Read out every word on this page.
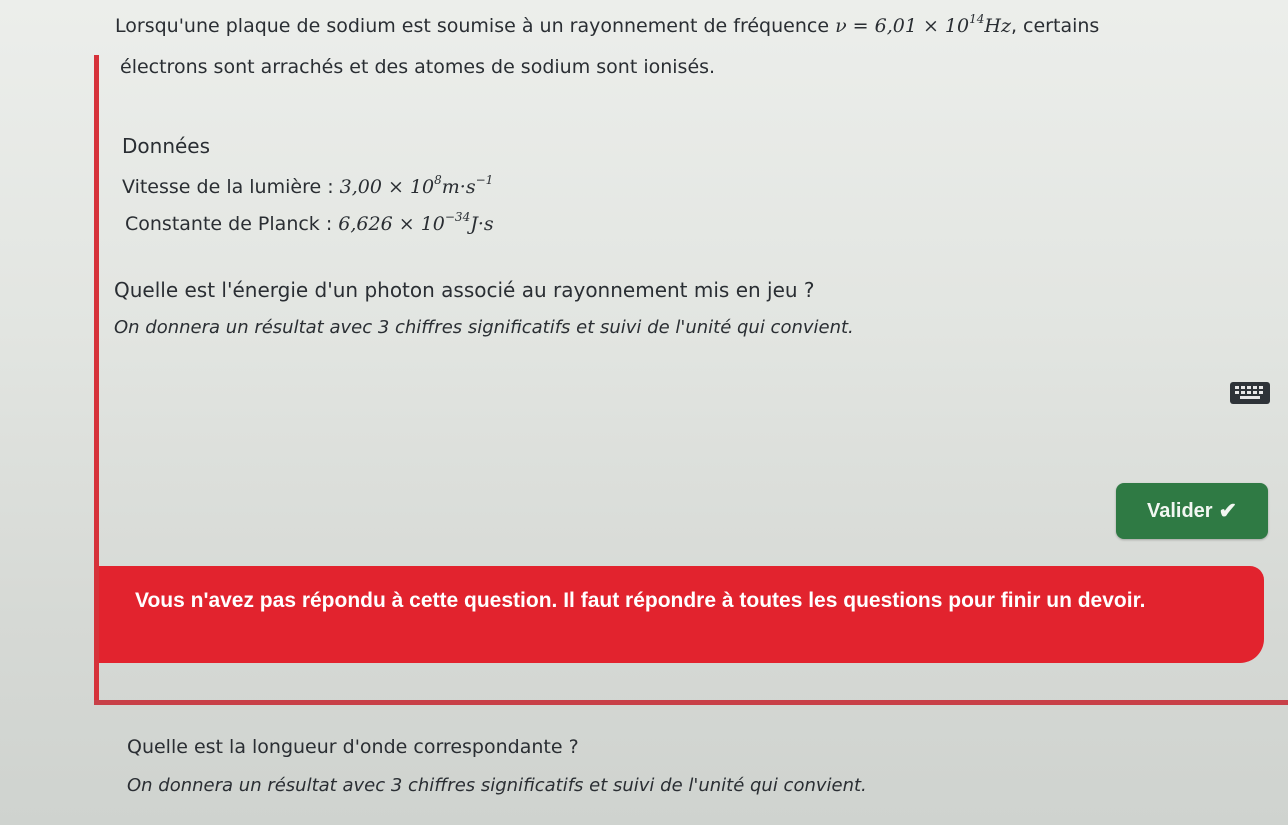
Lorsqu'une plaque de sodium est soumise à un rayonnement de fréquence $\nu = 6,01 \times 10^{14}Hz$, certains
électrons sont arrachés et des atomes de sodium sont ionisés.
Données
Vitesse de la lumière : $3,00 \times 10^8m\cdot s^{-1}$
Constante de Planck : $6,626 \times 10^{-34}J\cdot s$
Quelle est l'énergie d'un photon associé au rayonnement mis en jeu ?
On donnera un résultat avec 3 chiffres significatifs et suivi de l'unité qui convient.
Valider ✔
Vous n'avez pas répondu à cette question. Il faut répondre à toutes les questions pour finir un devoir.
Quelle est la longueur d'onde correspondante ?
On donnera un résultat avec 3 chiffres significatifs et suivi de l'unité qui convient.
